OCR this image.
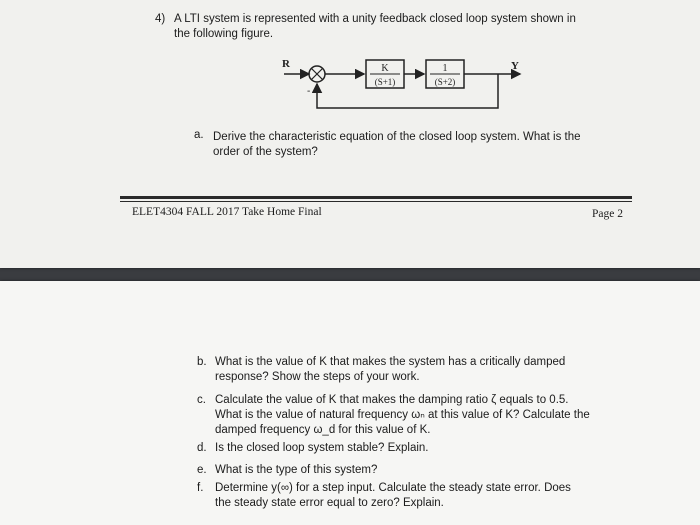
4) A LTI system is represented with a unity feedback closed loop system shown in
the following figure.
R
-
K
(S+1)
1
(S+2)
Y
a. Derive the characteristic equation of the closed loop system. What is the
order of the system?
ELET4304 FALL 2017 Take Home Final	Page 2
b. What is the value of K that makes the system has a critically damped
response? Show the steps of your work.
c. Calculate the value of K that makes the damping ratio ζ equals to 0.5.
What is the value of natural frequency ωₙ at this value of K? Calculate the
damped frequency ω_d for this value of K.
d. Is the closed loop system stable? Explain.
e. What is the type of this system?
f. Determine y(∞) for a step input. Calculate the steady state error. Does
the steady state error equal to zero? Explain.
